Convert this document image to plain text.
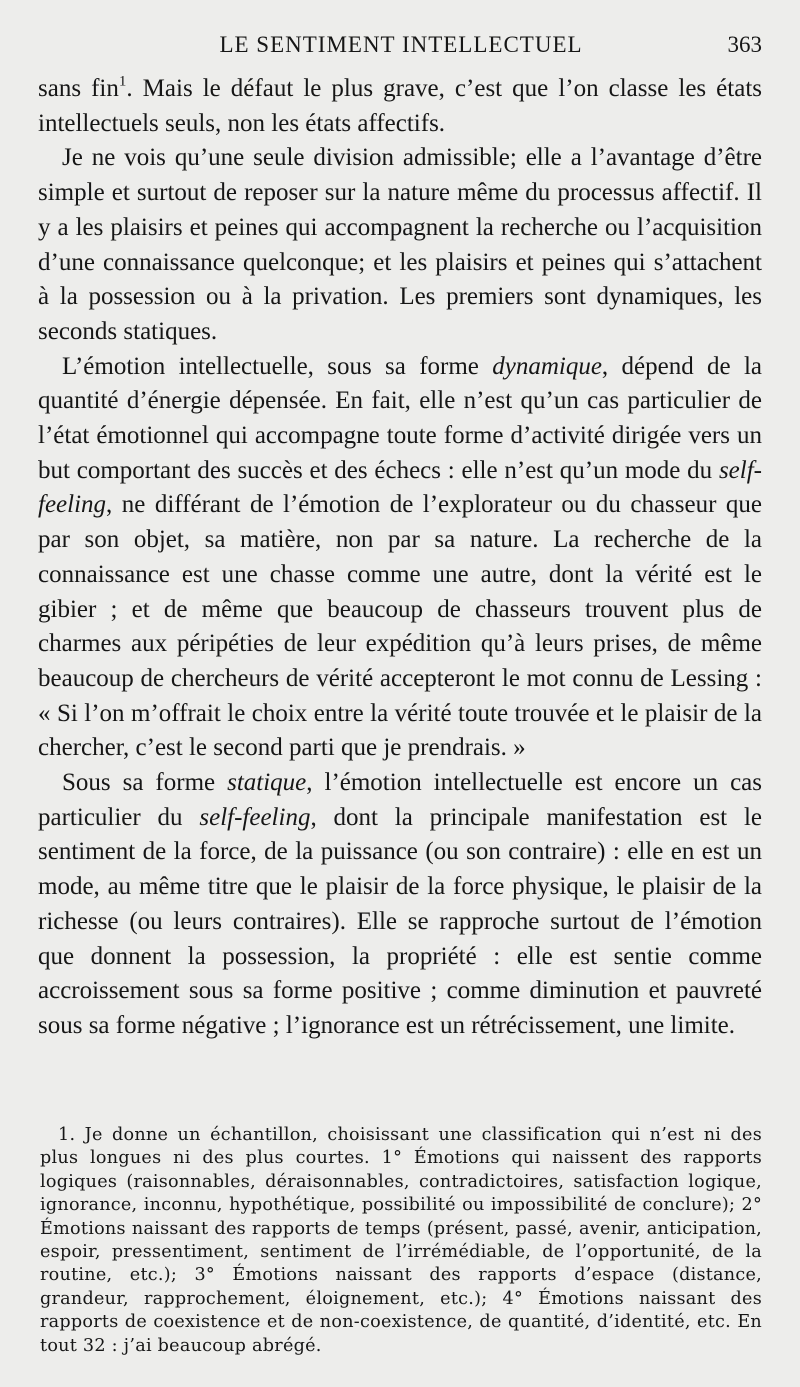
LE SENTIMENT INTELLECTUEL	363

sans fin$^1$. Mais le défaut le plus grave, c’est que l’on classe les états intellectuels seuls, non les états affectifs.

Je ne vois qu’une seule division admissible; elle a l’avantage d’être simple et surtout de reposer sur la nature même du processus affectif. Il y a les plaisirs et peines qui accompagnent la recherche ou l’acquisition d’une connaissance quelconque; et les plaisirs et peines qui s’attachent à la possession ou à la privation. Les premiers sont dynamiques, les seconds statiques.

L’émotion intellectuelle, sous sa forme dynamique, dépend de la quantité d’énergie dépensée. En fait, elle n’est qu’un cas particulier de l’état émotionnel qui accompagne toute forme d’activité dirigée vers un but comportant des succès et des échecs : elle n’est qu’un mode du self-feeling, ne différant de l’émotion de l’explorateur ou du chasseur que par son objet, sa matière, non par sa nature. La recherche de la connaissance est une chasse comme une autre, dont la vérité est le gibier ; et de même que beaucoup de chasseurs trouvent plus de charmes aux péripéties de leur expédition qu’à leurs prises, de même beaucoup de chercheurs de vérité accepteront le mot connu de Lessing : « Si l’on m’offrait le choix entre la vérité toute trouvée et le plaisir de la chercher, c’est le second parti que je prendrais. »

Sous sa forme statique, l’émotion intellectuelle est encore un cas particulier du self-feeling, dont la principale manifestation est le sentiment de la force, de la puissance (ou son contraire) : elle en est un mode, au même titre que le plaisir de la force physique, le plaisir de la richesse (ou leurs contraires). Elle se rapproche surtout de l’émotion que donnent la possession, la propriété : elle est sentie comme accroissement sous sa forme positive ; comme diminution et pauvreté sous sa forme négative ; l’ignorance est un rétrécissement, une limite.

1. Je donne un échantillon, choisissant une classification qui n’est ni des plus longues ni des plus courtes. 1° Émotions qui naissent des rapports logiques (raisonnables, déraisonnables, contradictoires, satisfaction logique, ignorance, inconnu, hypothétique, possibilité ou impossibilité de conclure); 2° Émotions naissant des rapports de temps (présent, passé, avenir, anticipation, espoir, pressentiment, sentiment de l’irrémédiable, de l’opportunité, de la routine, etc.); 3° Émotions naissant des rapports d’espace (distance, grandeur, rapprochement, éloignement, etc.); 4° Émotions naissant des rapports de coexistence et de non-coexistence, de quantité, d’identité, etc. En tout 32 : j’ai beaucoup abrégé.
